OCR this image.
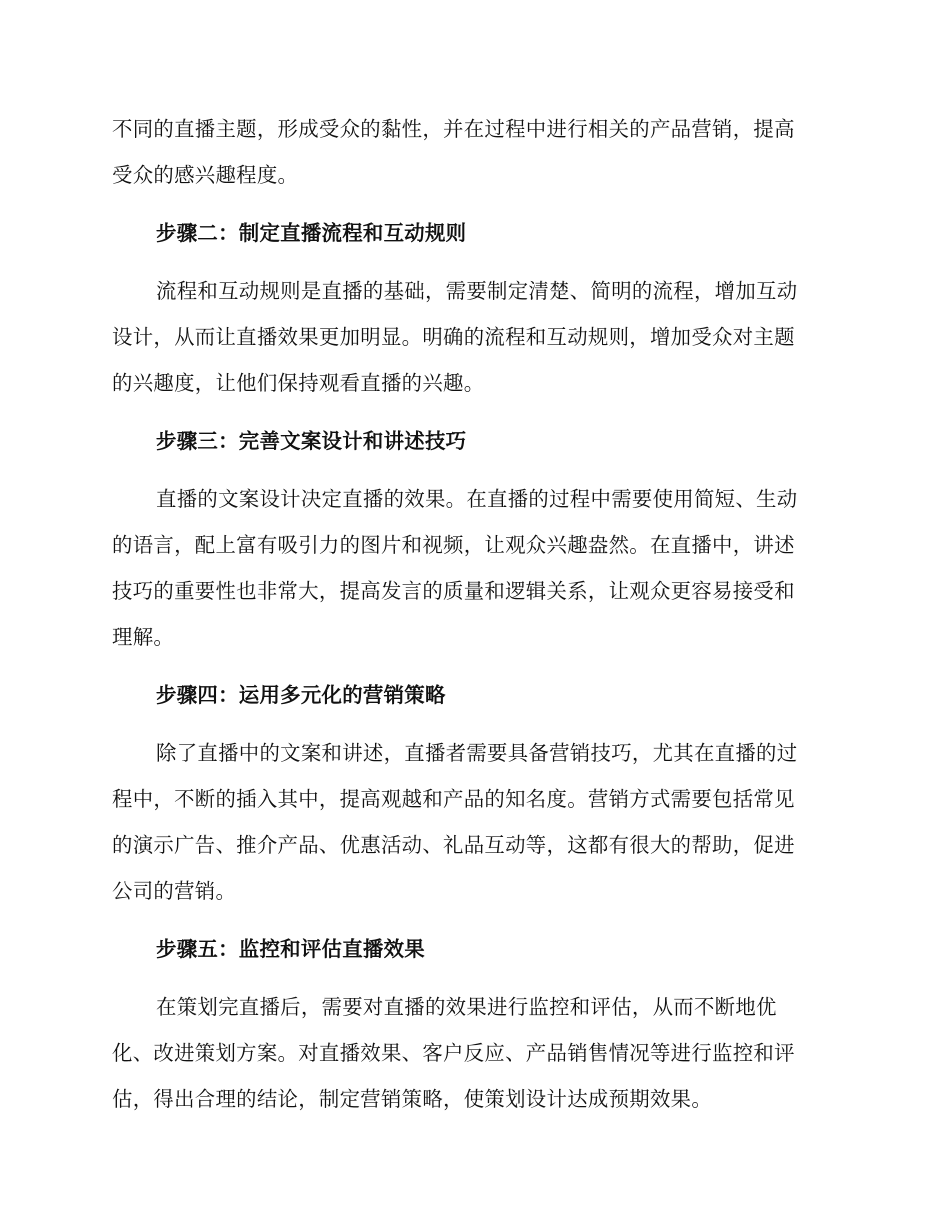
不同的直播主题，形成受众的黏性，并在过程中进行相关的产品营销，提高
受众的感兴趣程度。

步骤二：制定直播流程和互动规则

流程和互动规则是直播的基础，需要制定清楚、简明的流程，增加互动
设计，从而让直播效果更加明显。明确的流程和互动规则，增加受众对主题
的兴趣度，让他们保持观看直播的兴趣。

步骤三：完善文案设计和讲述技巧

直播的文案设计决定直播的效果。在直播的过程中需要使用简短、生动
的语言，配上富有吸引力的图片和视频，让观众兴趣盎然。在直播中，讲述
技巧的重要性也非常大，提高发言的质量和逻辑关系，让观众更容易接受和
理解。

步骤四：运用多元化的营销策略

除了直播中的文案和讲述，直播者需要具备营销技巧，尤其在直播的过
程中，不断的插入其中，提高观越和产品的知名度。营销方式需要包括常见
的演示广告、推介产品、优惠活动、礼品互动等，这都有很大的帮助，促进
公司的营销。

步骤五：监控和评估直播效果

在策划完直播后，需要对直播的效果进行监控和评估，从而不断地优
化、改进策划方案。对直播效果、客户反应、产品销售情况等进行监控和评
估，得出合理的结论，制定营销策略，使策划设计达成预期效果。
